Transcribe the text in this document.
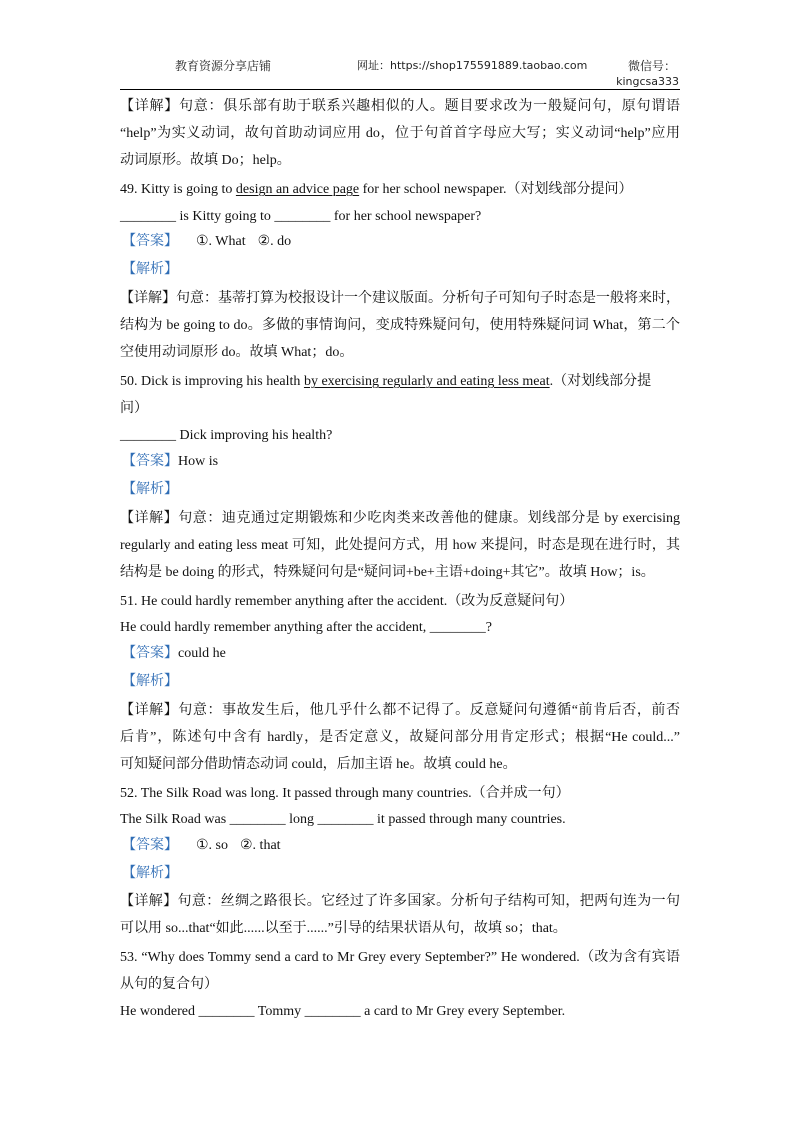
教育资源分享店铺	网址：https://shop175591889.taobao.com	微信号：
kingcsa333
【详解】句意：俱乐部有助于联系兴趣相似的人。题目要求改为一般疑问句，原句谓语
“help”为实义动词，故句首助动词应用 do，位于句首首字母应大写；实义动词“help”应用
动词原形。故填 Do；help。
49. Kitty is going to design an advice page for her school newspaper.（对划线部分提问）
________ is Kitty going to ________ for her school newspaper?
【答案】 ①. What ②. do
【解析】
【详解】句意：基蒂打算为校报设计一个建议版面。分析句子可知句子时态是一般将来时，
结构为 be going to do。多做的事情询问，变成特殊疑问句，使用特殊疑问词 What，第二个
空使用动词原形 do。故填 What；do。
50. Dick is improving his health by exercising regularly and eating less meat.（对划线部分提
问）
________ Dick improving his health?
【答案】How is
【解析】
【详解】句意：迪克通过定期锻炼和少吃肉类来改善他的健康。划线部分是 by exercising
regularly and eating less meat 可知，此处提问方式，用 how 来提问，时态是现在进行时，其
结构是 be doing 的形式，特殊疑问句是“疑问词+be+主语+doing+其它”。故填 How；is。
51. He could hardly remember anything after the accident.（改为反意疑问句）
He could hardly remember anything after the accident, ________?
【答案】could he
【解析】
【详解】句意：事故发生后，他几乎什么都不记得了。反意疑问句遵循“前肯后否，前否
后肯”，陈述句中含有 hardly，是否定意义，故疑问部分用肯定形式；根据“He could...”
可知疑问部分借助情态动词 could，后加主语 he。故填 could he。
52. The Silk Road was long. It passed through many countries.（合并成一句）
The Silk Road was ________ long ________ it passed through many countries.
【答案】 ①. so ②. that
【解析】
【详解】句意：丝绸之路很长。它经过了许多国家。分析句子结构可知，把两句连为一句
可以用 so...that“如此......以至于......”引导的结果状语从句，故填 so；that。
53. “Why does Tommy send a card to Mr Grey every September?” He wondered.（改为含有宾语
从句的复合句）
He wondered ________ Tommy ________ a card to Mr Grey every September.
